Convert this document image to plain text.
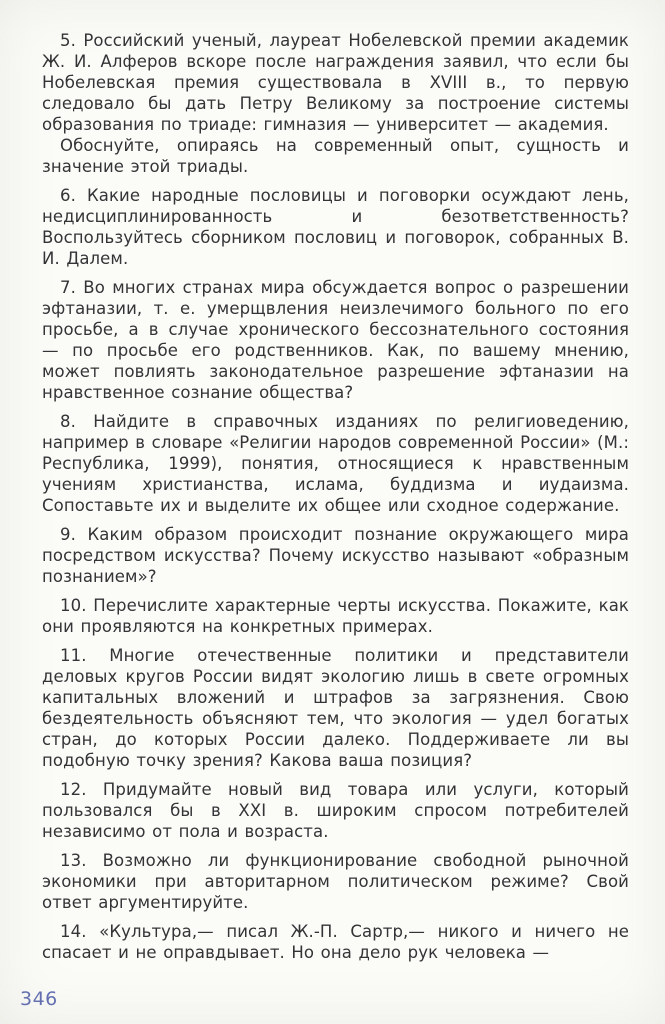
5. Российский ученый, лауреат Нобелевской премии академик Ж. И. Алферов вскоре после награждения заявил, что если бы Нобелевская премия существовала в XVIII в., то первую следовало бы дать Петру Великому за построение системы образования по триаде: гимназия — университет — академия.

Обоснуйте, опираясь на современный опыт, сущность и значение этой триады.

6. Какие народные пословицы и поговорки осуждают лень, недисциплинированность и безответственность? Воспользуйтесь сборником пословиц и поговорок, собранных В. И. Далем.

7. Во многих странах мира обсуждается вопрос о разрешении эфтаназии, т. е. умерщвления неизлечимого больного по его просьбе, а в случае хронического бессознательного состояния — по просьбе его родственников. Как, по вашему мнению, может повлиять законодательное разрешение эфтаназии на нравственное сознание общества?

8. Найдите в справочных изданиях по религиоведению, например в словаре «Религии народов современной России» (М.: Республика, 1999), понятия, относящиеся к нравственным учениям христианства, ислама, буддизма и иудаизма. Сопоставьте их и выделите их общее или сходное содержание.

9. Каким образом происходит познание окружающего мира посредством искусства? Почему искусство называют «образным познанием»?

10. Перечислите характерные черты искусства. Покажите, как они проявляются на конкретных примерах.

11. Многие отечественные политики и представители деловых кругов России видят экологию лишь в свете огромных капитальных вложений и штрафов за загрязнения. Свою бездеятельность объясняют тем, что экология — удел богатых стран, до которых России далеко. Поддерживаете ли вы подобную точку зрения? Какова ваша позиция?

12. Придумайте новый вид товара или услуги, который пользовался бы в XXI в. широким спросом потребителей независимо от пола и возраста.

13. Возможно ли функционирование свободной рыночной экономики при авторитарном политическом режиме? Свой ответ аргументируйте.

14. «Культура,— писал Ж.-П. Сартр,— никого и ничего не спасает и не оправдывает. Но она дело рук человека —

346
